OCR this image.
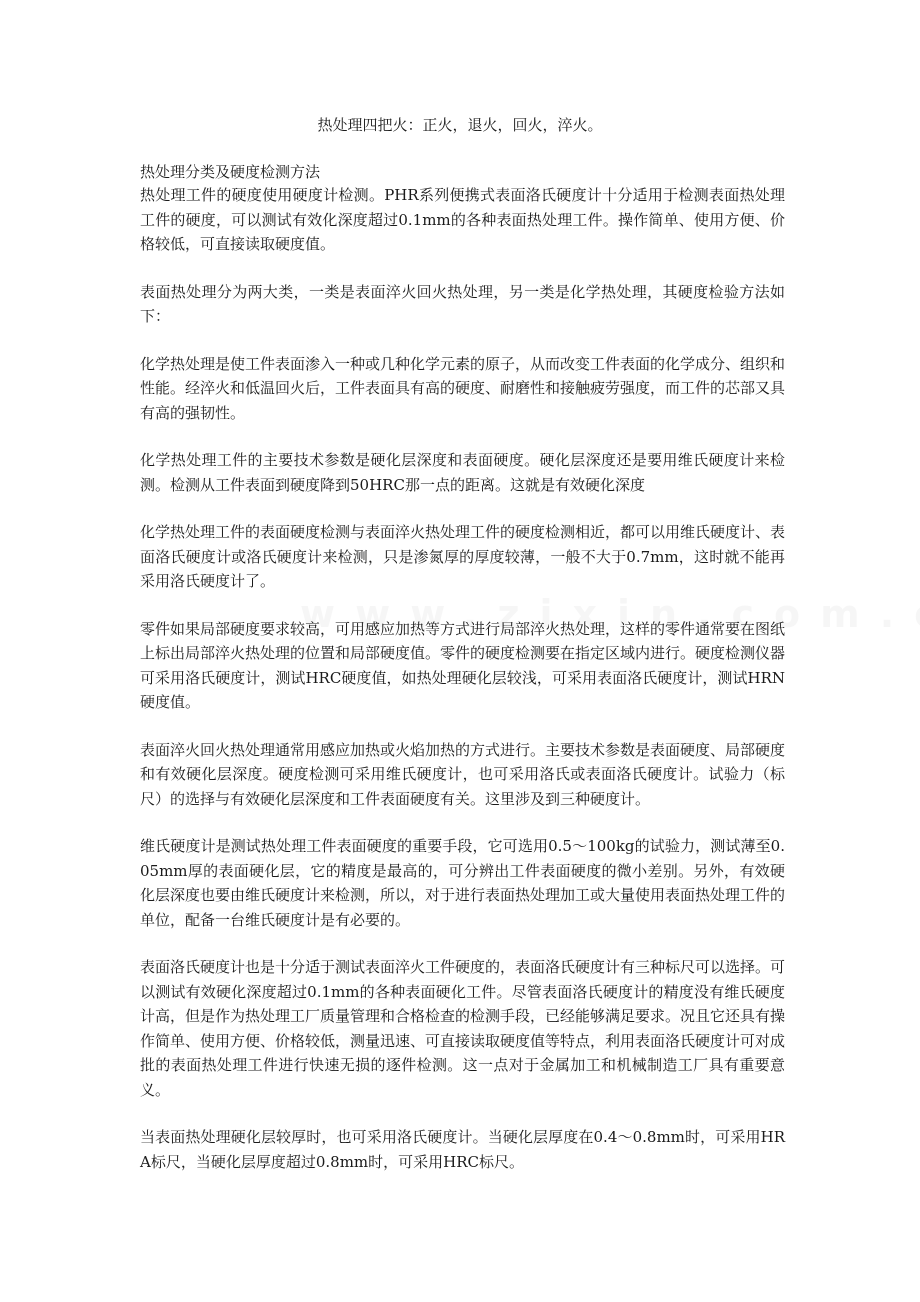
热处理四把火：正火，退火，回火，淬火。

热处理分类及硬度检测方法

热处理工件的硬度使用硬度计检测。PHR系列便携式表面洛氏硬度计十分适用于检测表面热处理工件的硬度，可以测试有效化深度超过0.1mm的各种表面热处理工件。操作简单、使用方便、价格较低，可直接读取硬度值。

表面热处理分为两大类，一类是表面淬火回火热处理，另一类是化学热处理，其硬度检验方法如下：

化学热处理是使工件表面渗入一种或几种化学元素的原子，从而改变工件表面的化学成分、组织和性能。经淬火和低温回火后，工件表面具有高的硬度、耐磨性和接触疲劳强度，而工件的芯部又具有高的强韧性。

化学热处理工件的主要技术参数是硬化层深度和表面硬度。硬化层深度还是要用维氏硬度计来检测。检测从工件表面到硬度降到50HRC那一点的距离。这就是有效硬化深度

化学热处理工件的表面硬度检测与表面淬火热处理工件的硬度检测相近，都可以用维氏硬度计、表面洛氏硬度计或洛氏硬度计来检测，只是渗氮厚的厚度较薄，一般不大于0.7mm，这时就不能再采用洛氏硬度计了。

零件如果局部硬度要求较高，可用感应加热等方式进行局部淬火热处理，这样的零件通常要在图纸上标出局部淬火热处理的位置和局部硬度值。零件的硬度检测要在指定区域内进行。硬度检测仪器可采用洛氏硬度计，测试HRC硬度值，如热处理硬化层较浅，可采用表面洛氏硬度计，测试HRN硬度值。

表面淬火回火热处理通常用感应加热或火焰加热的方式进行。主要技术参数是表面硬度、局部硬度和有效硬化层深度。硬度检测可采用维氏硬度计，也可采用洛氏或表面洛氏硬度计。试验力（标尺）的选择与有效硬化层深度和工件表面硬度有关。这里涉及到三种硬度计。

维氏硬度计是测试热处理工件表面硬度的重要手段，它可选用0.5～100kg的试验力，测试薄至0.05mm厚的表面硬化层，它的精度是最高的，可分辨出工件表面硬度的微小差别。另外，有效硬化层深度也要由维氏硬度计来检测，所以，对于进行表面热处理加工或大量使用表面热处理工件的单位，配备一台维氏硬度计是有必要的。

表面洛氏硬度计也是十分适于测试表面淬火工件硬度的，表面洛氏硬度计有三种标尺可以选择。可以测试有效硬化深度超过0.1mm的各种表面硬化工件。尽管表面洛氏硬度计的精度没有维氏硬度计高，但是作为热处理工厂质量管理和合格检查的检测手段，已经能够满足要求。况且它还具有操作简单、使用方便、价格较低，测量迅速、可直接读取硬度值等特点，利用表面洛氏硬度计可对成批的表面热处理工件进行快速无损的逐件检测。这一点对于金属加工和机械制造工厂具有重要意义。

当表面热处理硬化层较厚时，也可采用洛氏硬度计。当硬化层厚度在0.4～0.8mm时，可采用HRA标尺，当硬化层厚度超过0.8mm时，可采用HRC标尺。
